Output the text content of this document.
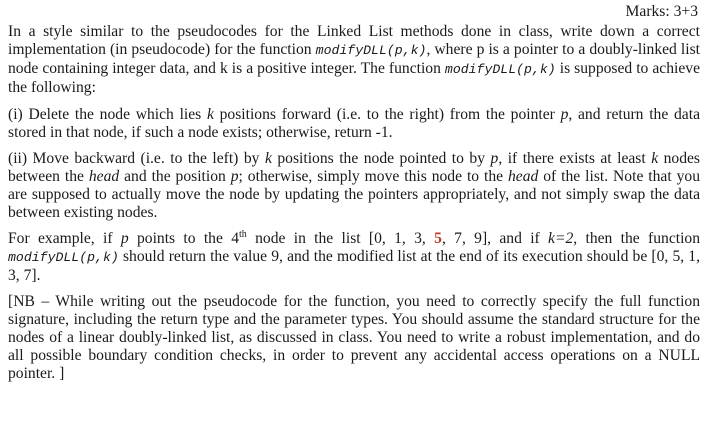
Marks: 3+3

In a style similar to the pseudocodes for the Linked List methods done in class, write down a correct implementation (in pseudocode) for the function modifyDLL(p,k), where p is a pointer to a doubly-linked list node containing integer data, and k is a positive integer. The function modifyDLL(p,k) is supposed to achieve the following:

(i) Delete the node which lies k positions forward (i.e. to the right) from the pointer p, and return the data stored in that node, if such a node exists; otherwise, return -1.

(ii) Move backward (i.e. to the left) by k positions the node pointed to by p, if there exists at least k nodes between the head and the position p; otherwise, simply move this node to the head of the list. Note that you are supposed to actually move the node by updating the pointers appropriately, and not simply swap the data between existing nodes.

For example, if p points to the 4th node in the list [0, 1, 3, 5, 7, 9], and if k=2, then the function modifyDLL(p,k) should return the value 9, and the modified list at the end of its execution should be [0, 5, 1, 3, 7].

[NB – While writing out the pseudocode for the function, you need to correctly specify the full function signature, including the return type and the parameter types. You should assume the standard structure for the nodes of a linear doubly-linked list, as discussed in class. You need to write a robust implementation, and do all possible boundary condition checks, in order to prevent any accidental access operations on a NULL pointer. ]
